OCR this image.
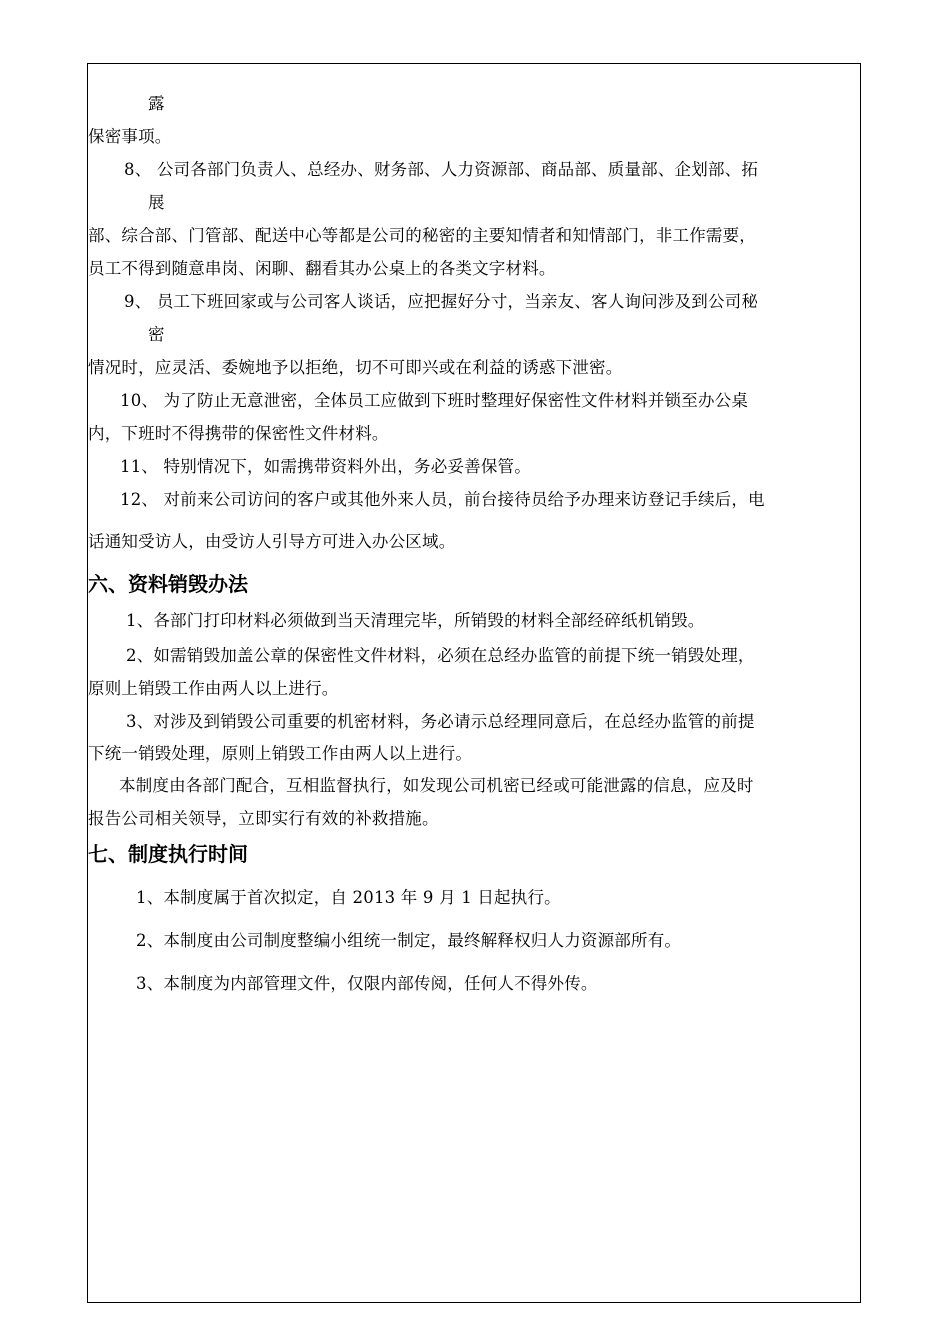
露
保密事项。
8、 公司各部门负责人、总经办、财务部、人力资源部、商品部、质量部、企划部、拓
展
部、综合部、门管部、配送中心等都是公司的秘密的主要知情者和知情部门，非工作需要，
员工不得到随意串岗、闲聊、翻看其办公桌上的各类文字材料。
9、 员工下班回家或与公司客人谈话，应把握好分寸，当亲友、客人询问涉及到公司秘
密
情况时，应灵活、委婉地予以拒绝，切不可即兴或在利益的诱惑下泄密。
10、 为了防止无意泄密，全体员工应做到下班时整理好保密性文件材料并锁至办公桌
内，下班时不得携带的保密性文件材料。
11、 特别情况下，如需携带资料外出，务必妥善保管。
12、 对前来公司访问的客户或其他外来人员，前台接待员给予办理来访登记手续后，电
话通知受访人，由受访人引导方可进入办公区域。
六、资料销毁办法
1、各部门打印材料必须做到当天清理完毕，所销毁的材料全部经碎纸机销毁。
2、如需销毁加盖公章的保密性文件材料，必须在总经办监管的前提下统一销毁处理，
原则上销毁工作由两人以上进行。
3、对涉及到销毁公司重要的机密材料，务必请示总经理同意后，在总经办监管的前提
下统一销毁处理，原则上销毁工作由两人以上进行。
本制度由各部门配合，互相监督执行，如发现公司机密已经或可能泄露的信息，应及时
报告公司相关领导，立即实行有效的补救措施。
七、制度执行时间
1、本制度属于首次拟定，自 2013 年 9 月 1 日起执行。
2、本制度由公司制度整编小组统一制定，最终解释权归人力资源部所有。
3、本制度为内部管理文件，仅限内部传阅，任何人不得外传。
